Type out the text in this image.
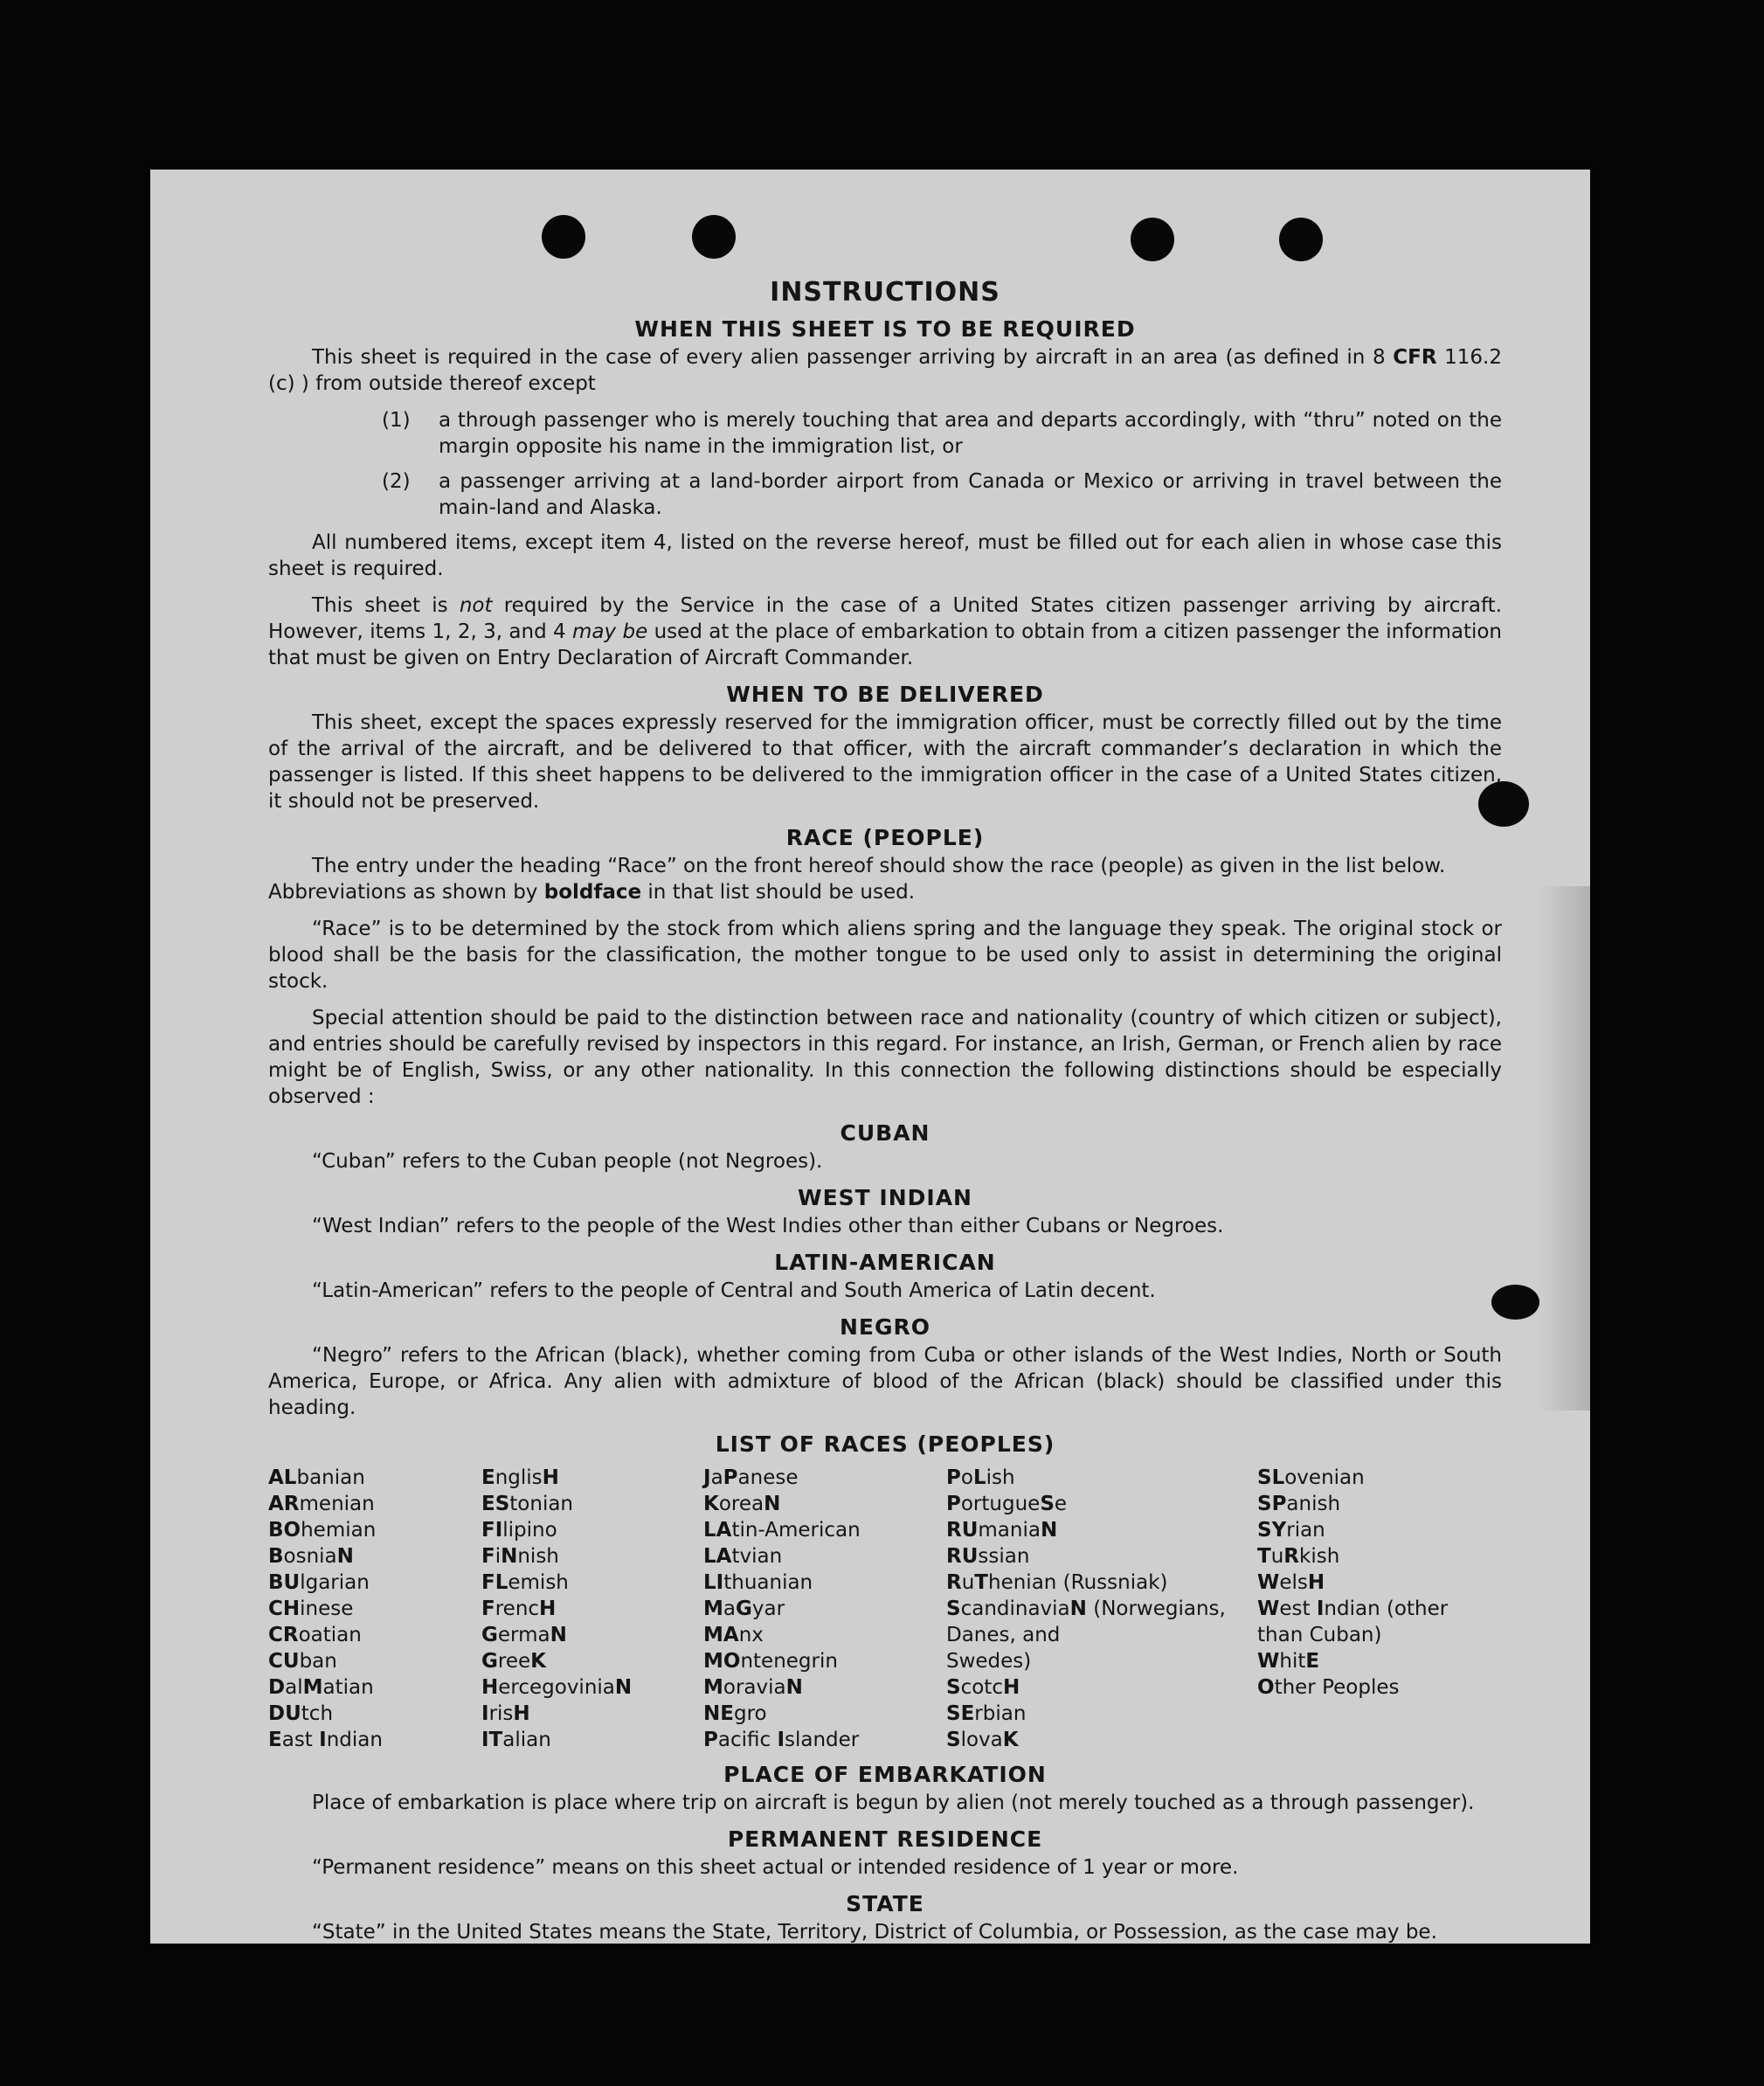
INSTRUCTIONS
WHEN THIS SHEET IS TO BE REQUIRED

This sheet is required in the case of every alien passenger arriving by aircraft in an area (as defined in 8 CFR 116.2 (c) ) from outside thereof except

(1)	a through passenger who is merely touching that area and departs accordingly, with “thru” noted on the margin opposite his name in the immigration list, or
(2)	a passenger arriving at a land-border airport from Canada or Mexico or arriving in travel between the main-land and Alaska.

All numbered items, except item 4, listed on the reverse hereof, must be filled out for each alien in whose case this sheet is required.

This sheet is not required by the Service in the case of a United States citizen passenger arriving by aircraft. However, items 1, 2, 3, and 4 may be used at the place of embarkation to obtain from a citizen passenger the information that must be given on Entry Declaration of Aircraft Commander.

WHEN TO BE DELIVERED

This sheet, except the spaces expressly reserved for the immigration officer, must be correctly filled out by the time of the arrival of the aircraft, and be delivered to that officer, with the aircraft commander’s declaration in which the passenger is listed. If this sheet happens to be delivered to the immigration officer in the case of a United States citizen, it should not be preserved.

RACE (PEOPLE)

The entry under the heading “Race” on the front hereof should show the race (people) as given in the list below.

Abbreviations as shown by boldface in that list should be used.

“Race” is to be determined by the stock from which aliens spring and the language they speak. The original stock or blood shall be the basis for the classification, the mother tongue to be used only to assist in determining the original stock.

Special attention should be paid to the distinction between race and nationality (country of which citizen or subject), and entries should be carefully revised by inspectors in this regard. For instance, an Irish, German, or French alien by race might be of English, Swiss, or any other nationality. In this connection the following distinctions should be especially observed :

CUBAN

“Cuban” refers to the Cuban people (not Negroes).

WEST INDIAN

“West Indian” refers to the people of the West Indies other than either Cubans or Negroes.

LATIN-AMERICAN

“Latin-American” refers to the people of Central and South America of Latin decent.

NEGRO

“Negro” refers to the African (black), whether coming from Cuba or other islands of the West Indies, North or South America, Europe, or Africa. Any alien with admixture of blood of the African (black) should be classified under this heading.

LIST OF RACES (PEOPLES)
ALbanian
ARmenian
BOhemian
BosniaN
BUlgarian
CHinese
CRoatian
CUban
DalMatian
DUtch
East Indian
EnglisH
EStonian
FIlipino
FiNnish
FLemish
FrencH
GermaN
GreeK
HercegoviniaN
IrisH
ITalian
JaPanese
KoreaN
LAtin-American
LAtvian
LIthuanian
MaGyar
MAnx
MOntenegrin
MoraviaN
NEgro
Pacific Islander
PoLish
PortugueSe
RUmaniaN
RUssian
RuThenian (Russniak)
ScandinaviaN (Norwegians,
Danes, and
Swedes)
ScotcH
SErbian
SlovaK
SLovenian
SPanish
SYrian
TuRkish
WelsH
West Indian (other
than Cuban)
WhitE
Other Peoples
PLACE OF EMBARKATION

Place of embarkation is place where trip on aircraft is begun by alien (not merely touched as a through passenger).

PERMANENT RESIDENCE

“Permanent residence” means on this sheet actual or intended residence of 1 year or more.

STATE

“State” in the United States means the State, Territory, District of Columbia, or Possession, as the case may be.
